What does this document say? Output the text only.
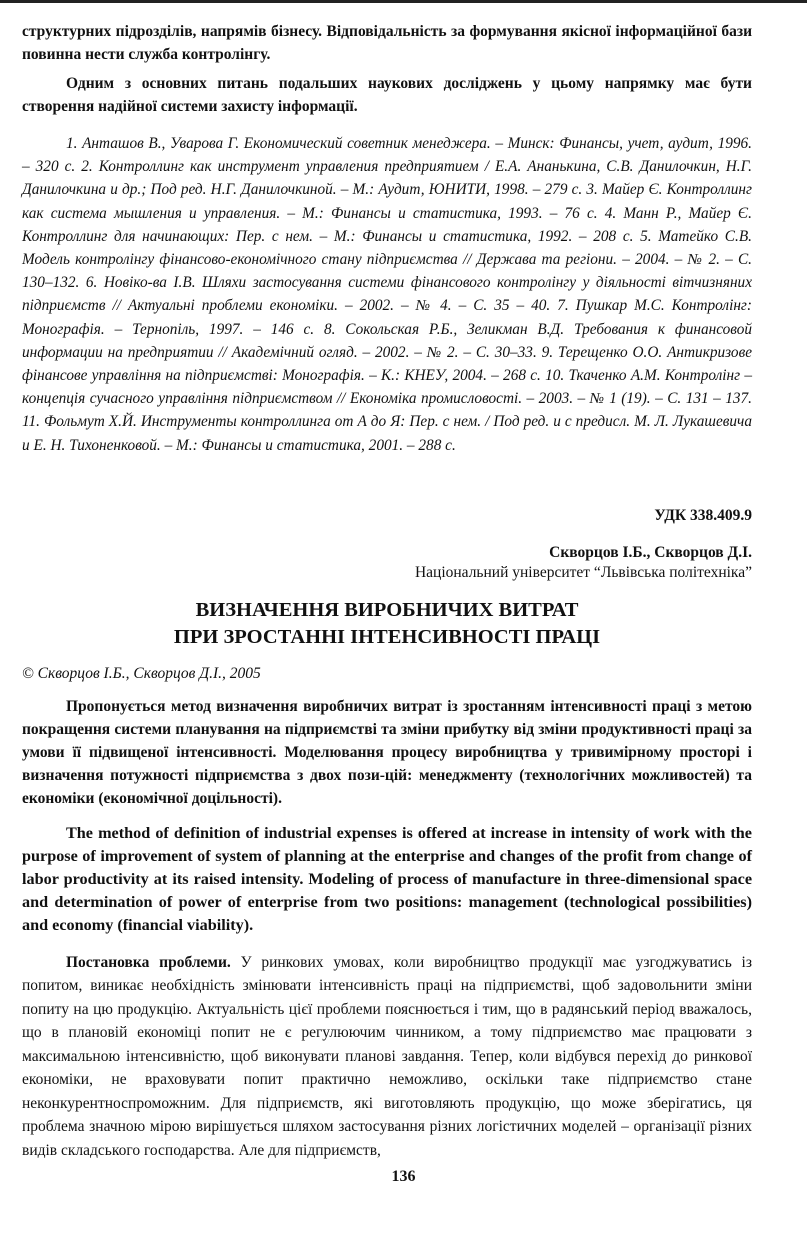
структурних підрозділів, напрямів бізнесу. Відповідальність за формування якісної інформаційної бази повинна нести служба контролінгу.

Одним з основних питань подальших наукових досліджень у цьому напрямку має бути створення надійної системи захисту інформації.

1. Анташов В., Уварова Г. Економический советник менеджера. – Минск: Финансы, учет, аудит, 1996. – 320 с. 2. Контроллинг как инструмент управления предприятием / Е.А. Ананькина, С.В. Данилочкин, Н.Г. Данилочкина и др.; Под ред. Н.Г. Данилочкиной. – М.: Аудит, ЮНИТИ, 1998. – 279 с. 3. Майер Є. Контроллинг как система мышления и управления. – М.: Финансы и статистика, 1993. – 76 с. 4. Манн Р., Майер Є. Контроллинг для начинающих: Пер. с нем. – М.: Финансы и статистика, 1992. – 208 с. 5. Матейко С.В. Модель контролінгу фінансово-економічного стану підприємства // Держава та регіони. – 2004. – № 2. – С. 130–132. 6. Новіко-ва І.В. Шляхи застосування системи фінансового контролінгу у діяльності вітчизняних підприємств // Актуальні проблеми економіки. – 2002. – № 4. – С. 35 – 40. 7. Пушкар М.С. Контролінг: Монографія. – Тернопіль, 1997. – 146 с. 8. Сокольская Р.Б., Зеликман В.Д. Требования к финансовой информации на предприятии // Академічний огляд. – 2002. – № 2. – С. 30–33. 9. Терещенко О.О. Антикризове фінансове управління на підприємстві: Монографія. – К.: КНЕУ, 2004. – 268 с. 10. Ткаченко А.М. Контролінг – концепція сучасного управління підприємством // Економіка промисловості. – 2003. – № 1 (19). – С. 131 – 137. 11. Фольмут Х.Й. Инструменты контроллинга от А до Я: Пер. с нем. / Под ред. и с предисл. М. Л. Лукашевича и Е. Н. Тихоненковой. – М.: Финансы и статистика, 2001. – 288 с.

УДК 338.409.9

Скворцов І.Б., Скворцов Д.І.

Національний університет “Львівська політехніка”

ВИЗНАЧЕННЯ ВИРОБНИЧИХ ВИТРАТ
ПРИ ЗРОСТАННІ ІНТЕНСИВНОСТІ ПРАЦІ

© Скворцов І.Б., Скворцов Д.І., 2005

Пропонується метод визначення виробничих витрат із зростанням інтенсивності праці з метою покращення системи планування на підприємстві та зміни прибутку від зміни продуктивності праці за умови її підвищеної інтенсивності. Моделювання процесу виробництва у тривимірному просторі і визначення потужності підприємства з двох пози-цій: менеджменту (технологічних можливостей) та економіки (економічної доцільності).

The method of definition of industrial expenses is offered at increase in intensity of work with the purpose of improvement of system of planning at the enterprise and changes of the profit from change of labor productivity at its raised intensity. Modeling of process of manufacture in three-dimensional space and determination of power of enterprise from two positions: management (technological possibilities) and economy (financial viability).

Постановка проблеми. У ринкових умовах, коли виробництво продукції має узгоджуватись із попитом, виникає необхідність змінювати інтенсивність праці на підприємстві, щоб задовольнити зміни попиту на цю продукцію. Актуальність цієї проблеми пояснюється і тим, що в радянський період вважалось, що в плановій економіці попит не є регулюючим чинником, а тому підприємство має працювати з максимальною інтенсивністю, щоб виконувати планові завдання. Тепер, коли відбувся перехід до ринкової економіки, не враховувати попит практично неможливо, оскільки таке підприємство стане неконкурентноспроможним. Для підприємств, які виготовляють продукцію, що може зберігатись, ця проблема значною мірою вирішується шляхом застосування різних логістичних моделей – організації різних видів складського господарства. Але для підприємств,

136
